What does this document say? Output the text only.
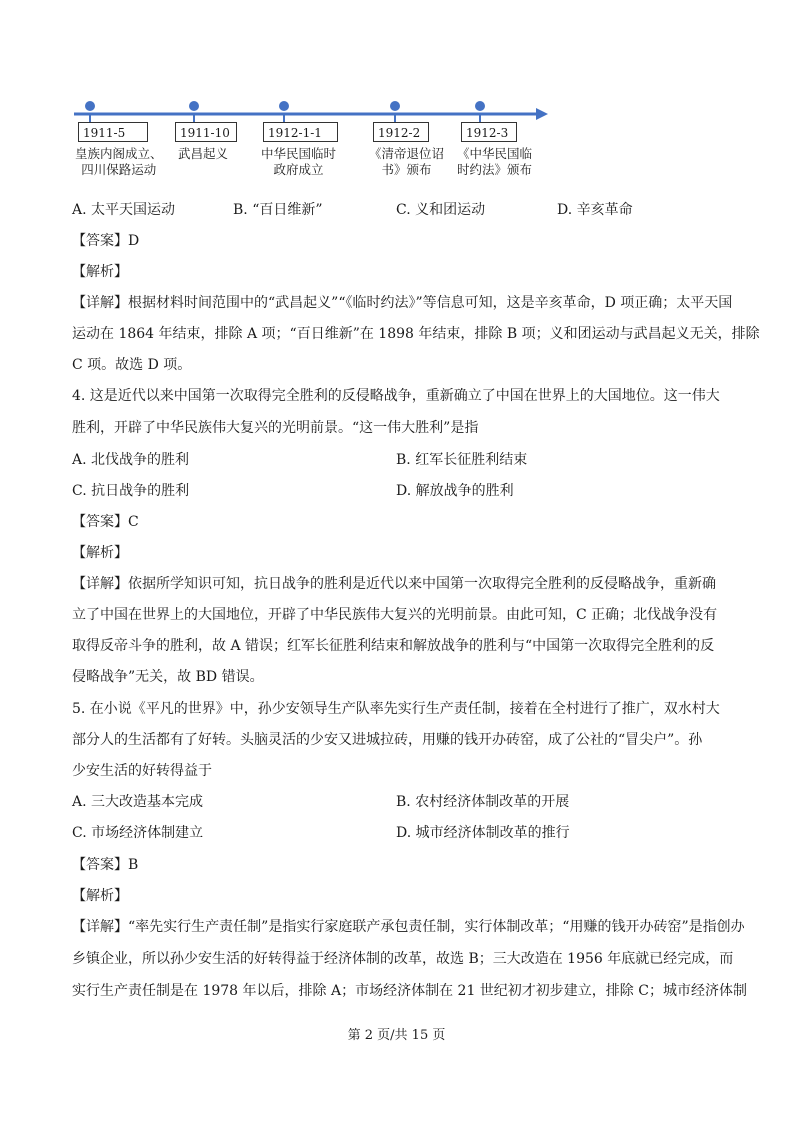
1911-5
皇族内阁成立、
四川保路运动
1911-10
武昌起义
1912-1-1
中华民国临时
政府成立
1912-2
《清帝退位诏
书》颁布
1912-3
《中华民国临
时约法》颁布
A. 太平天国运动	B. “百日维新”	C. 义和团运动	D. 辛亥革命
【答案】D
【解析】
【详解】根据材料时间范围中的“武昌起义”“《临时约法》”等信息可知，这是辛亥革命，D 项正确；太平天国
运动在 1864 年结束，排除 A 项；“百日维新”在 1898 年结束，排除 B 项；义和团运动与武昌起义无关，排除
C 项。故选 D 项。
4. 这是近代以来中国第一次取得完全胜利的反侵略战争，重新确立了中国在世界上的大国地位。这一伟大
胜利，开辟了中华民族伟大复兴的光明前景。“这一伟大胜利”是指
A. 北伐战争的胜利	B. 红军长征胜利结束
C. 抗日战争的胜利	D. 解放战争的胜利
【答案】C
【解析】
【详解】依据所学知识可知，抗日战争的胜利是近代以来中国第一次取得完全胜利的反侵略战争，重新确
立了中国在世界上的大国地位，开辟了中华民族伟大复兴的光明前景。由此可知，C 正确；北伐战争没有
取得反帝斗争的胜利，故 A 错误；红军长征胜利结束和解放战争的胜利与“中国第一次取得完全胜利的反
侵略战争”无关，故 BD 错误。
5. 在小说《平凡的世界》中，孙少安领导生产队率先实行生产责任制，接着在全村进行了推广，双水村大
部分人的生活都有了好转。头脑灵活的少安又进城拉砖，用赚的钱开办砖窑，成了公社的“冒尖户”。孙
少安生活的好转得益于
A. 三大改造基本完成	B. 农村经济体制改革的开展
C. 市场经济体制建立	D. 城市经济体制改革的推行
【答案】B
【解析】
【详解】“率先实行生产责任制”是指实行家庭联产承包责任制，实行体制改革；“用赚的钱开办砖窑”是指创办
乡镇企业，所以孙少安生活的好转得益于经济体制的改革，故选 B；三大改造在 1956 年底就已经完成，而
实行生产责任制是在 1978 年以后，排除 A；市场经济体制在 21 世纪初才初步建立，排除 C；城市经济体制
第 2 页/共 15 页
